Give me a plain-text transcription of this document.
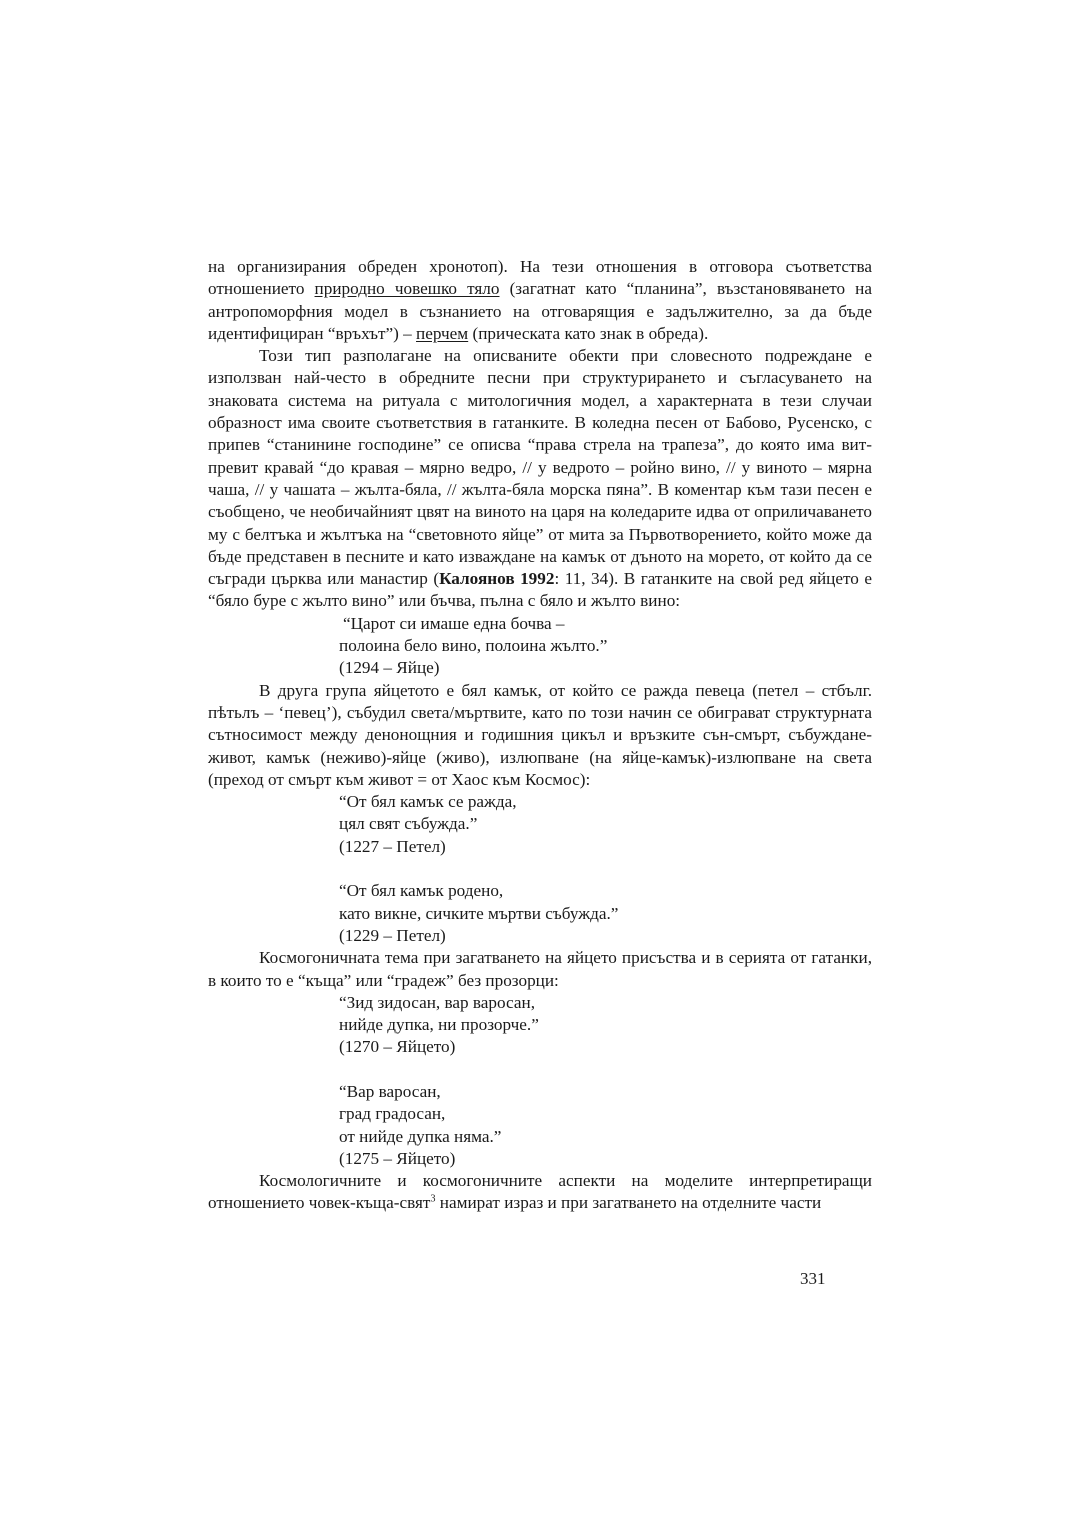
на организирания обреден хронотоп). На тези отношения в отговора съответства отношението природно човешко тяло (загатнат като “планина”, възстановяването на антропоморфния модел в съзнанието на отговарящия е задължително, за да бъде идентифициран “връхът”) – перчем (прическата като знак в обреда).

Този тип разполагане на описваните обекти при словесното подреждане е използван най-често в обредните песни при структурирането и съгласуването на знаковата система на ритуала с митологичния модел, а характерната в тези случаи образност има своите съответствия в гатанките. В коледна песен от Бабово, Русенско, с припев “станинине господине” се описва “права стрела на трапеза”, до която има вит-превит кравай “до кравая – мярно ведро, // у ведрото – ройно вино, // у виното – мярна чаша, // у чашата – жълта-бяла, // жълта-бяла морска пяна”. В коментар към тази песен е съобщено, че необичайният цвят на виното на царя на коледарите идва от оприличаването му с белтъка и жълтъка на “световното яйце” от мита за Първотворението, който може да бъде представен в песните и като изваждане на камък от дъното на морето, от който да се съгради църква или манастир (Калоянов 1992: 11, 34). В гатанките на свой ред яйцето е “бяло буре с жълто вино” или бъчва, пълна с бяло и жълто вино:

“Царот си имаше една бочва –
полоина бело вино, полоина жълто.”
(1294 – Яйце)

В друга група яйцетото е бял камък, от който се ражда певеца (петел – стбълг. пѣтьлъ – ‘певец’), събудил света/мъртвите, като по този начин се обиграват структурната сътносимост между денонощния и годишния цикъл и връзките сън-смърт, събуждане-живот, камък (неживо)-яйце (живо), излюпване (на яйце-камък)-излюпване на света (преход от смърт към живот = от Хаос към Космос):

“От бял камък се ражда,
цял свят събужда.”
(1227 – Петел)
“От бял камък родено,
като викне, сичките мъртви събужда.”
(1229 – Петел)

Космогоничната тема при загатването на яйцето присъства и в серията от гатанки, в които то е “къща” или “градеж” без прозорци:

“Зид зидосан, вар варосан,
нийде дупка, ни прозорче.”
(1270 – Яйцето)
“Вар варосан,
град градосан,
от нийде дупка няма.”
(1275 – Яйцето)

Космологичните и космогоничните аспекти на моделите интерпретиращи отношението човек-къща-свят$^3$ намират израз и при загатването на отделните части

331
